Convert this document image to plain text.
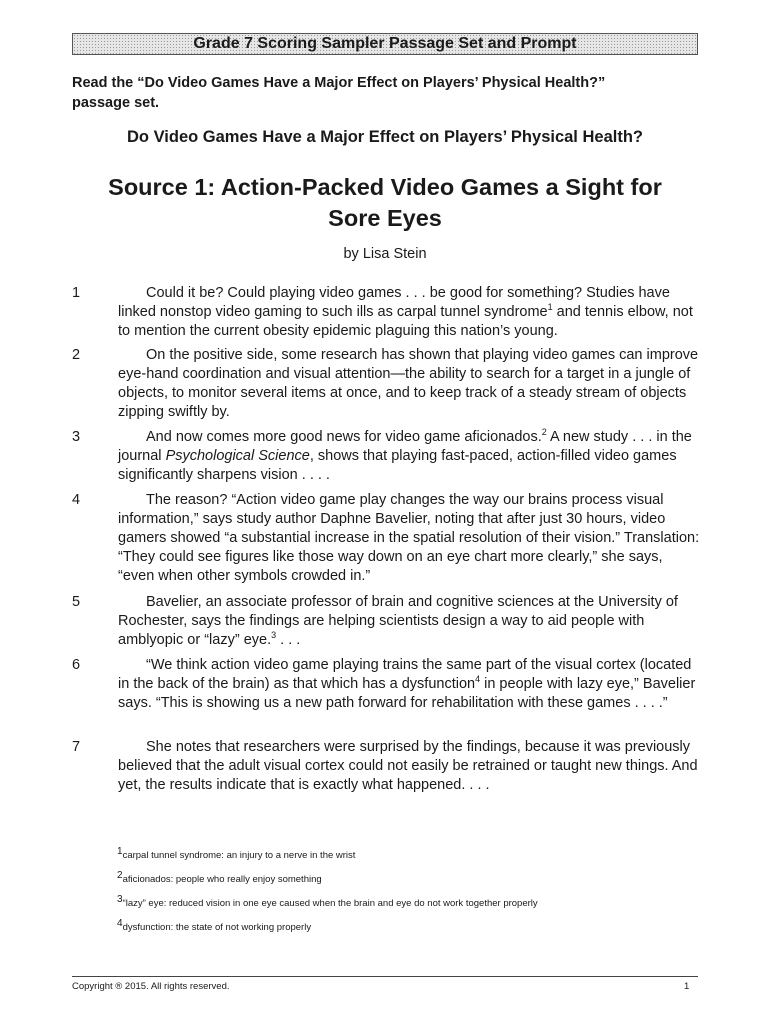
Grade 7 Scoring Sampler Passage Set and Prompt
Read the “Do Video Games Have a Major Effect on Players’ Physical Health?”
passage set.
Do Video Games Have a Major Effect on Players’ Physical Health?
Source 1: Action-Packed Video Games a Sight for
Sore Eyes
by Lisa Stein
1	Could it be? Could playing video games . . . be good for something? Studies have linked nonstop video gaming to such ills as carpal tunnel syndrome$^1$ and tennis elbow, not to mention the current obesity epidemic plaguing this nation’s young.
2	On the positive side, some research has shown that playing video games can improve eye-hand coordination and visual attention—the ability to search for a target in a jungle of objects, to monitor several items at once, and to keep track of a steady stream of objects zipping swiftly by.
3	And now comes more good news for video game aficionados.$^2$ A new study . . . in the journal Psychological Science, shows that playing fast-paced, action-filled video games significantly sharpens vision . . . .
4	The reason? “Action video game play changes the way our brains process visual information,” says study author Daphne Bavelier, noting that after just 30 hours, video gamers showed “a substantial increase in the spatial resolution of their vision.” Translation: “They could see figures like those way down on an eye chart more clearly,” she says, “even when other symbols crowded in.”
5	Bavelier, an associate professor of brain and cognitive sciences at the University of Rochester, says the findings are helping scientists design a way to aid people with amblyopic or “lazy” eye.$^3$ . . .
6	“We think action video game playing trains the same part of the visual cortex (located in the back of the brain) as that which has a dysfunction$^4$ in people with lazy eye,” Bavelier says. “This is showing us a new path forward for rehabilitation with these games . . . .”
7	She notes that researchers were surprised by the findings, because it was previously believed that the adult visual cortex could not easily be retrained or taught new things. And yet, the results indicate that is exactly what happened. . . .
$^1$carpal tunnel syndrome: an injury to a nerve in the wrist
$^2$aficionados: people who really enjoy something
$^3$“lazy” eye: reduced vision in one eye caused when the brain and eye do not work together properly
$^4$dysfunction: the state of not working properly
Copyright ® 2015. All rights reserved.	1
